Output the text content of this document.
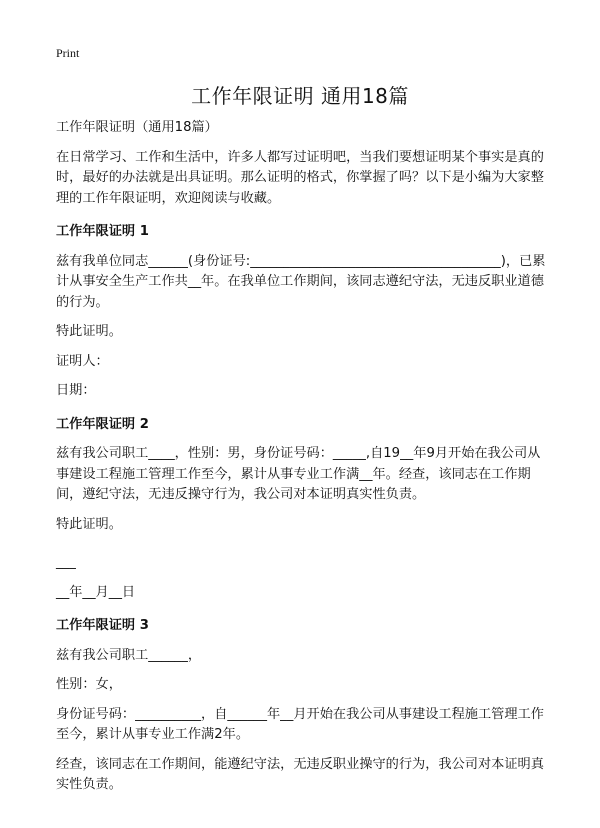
Print
工作年限证明 通用18篇

工作年限证明（通用18篇）

在日常学习、工作和生活中，许多人都写过证明吧，当我们要想证明某个事实是真的时，最好的办法就是出具证明。那么证明的格式，你掌握了吗？以下是小编为大家整理的工作年限证明，欢迎阅读与收藏。

工作年限证明 1

兹有我单位同志______(身份证号:______________________________________)，已累计从事安全生产工作共__年。在我单位工作期间，该同志遵纪守法，无违反职业道德的行为。

特此证明。

证明人：

日期：

工作年限证明 2

兹有我公司职工____，性别：男，身份证号码：_____,自19__年9月开始在我公司从事建设工程施工管理工作至今，累计从事专业工作满__年。经查，该同志在工作期间，遵纪守法，无违反操守行为，我公司对本证明真实性负责。

特此证明。

___

__年__月__日

工作年限证明 3

兹有我公司职工______，

性别：女，

身份证号码：__________，自______年__月开始在我公司从事建设工程施工管理工作至今，累计从事专业工作满2年。

经查，该同志在工作期间，能遵纪守法，无违反职业操守的行为，我公司对本证明真实性负责。
